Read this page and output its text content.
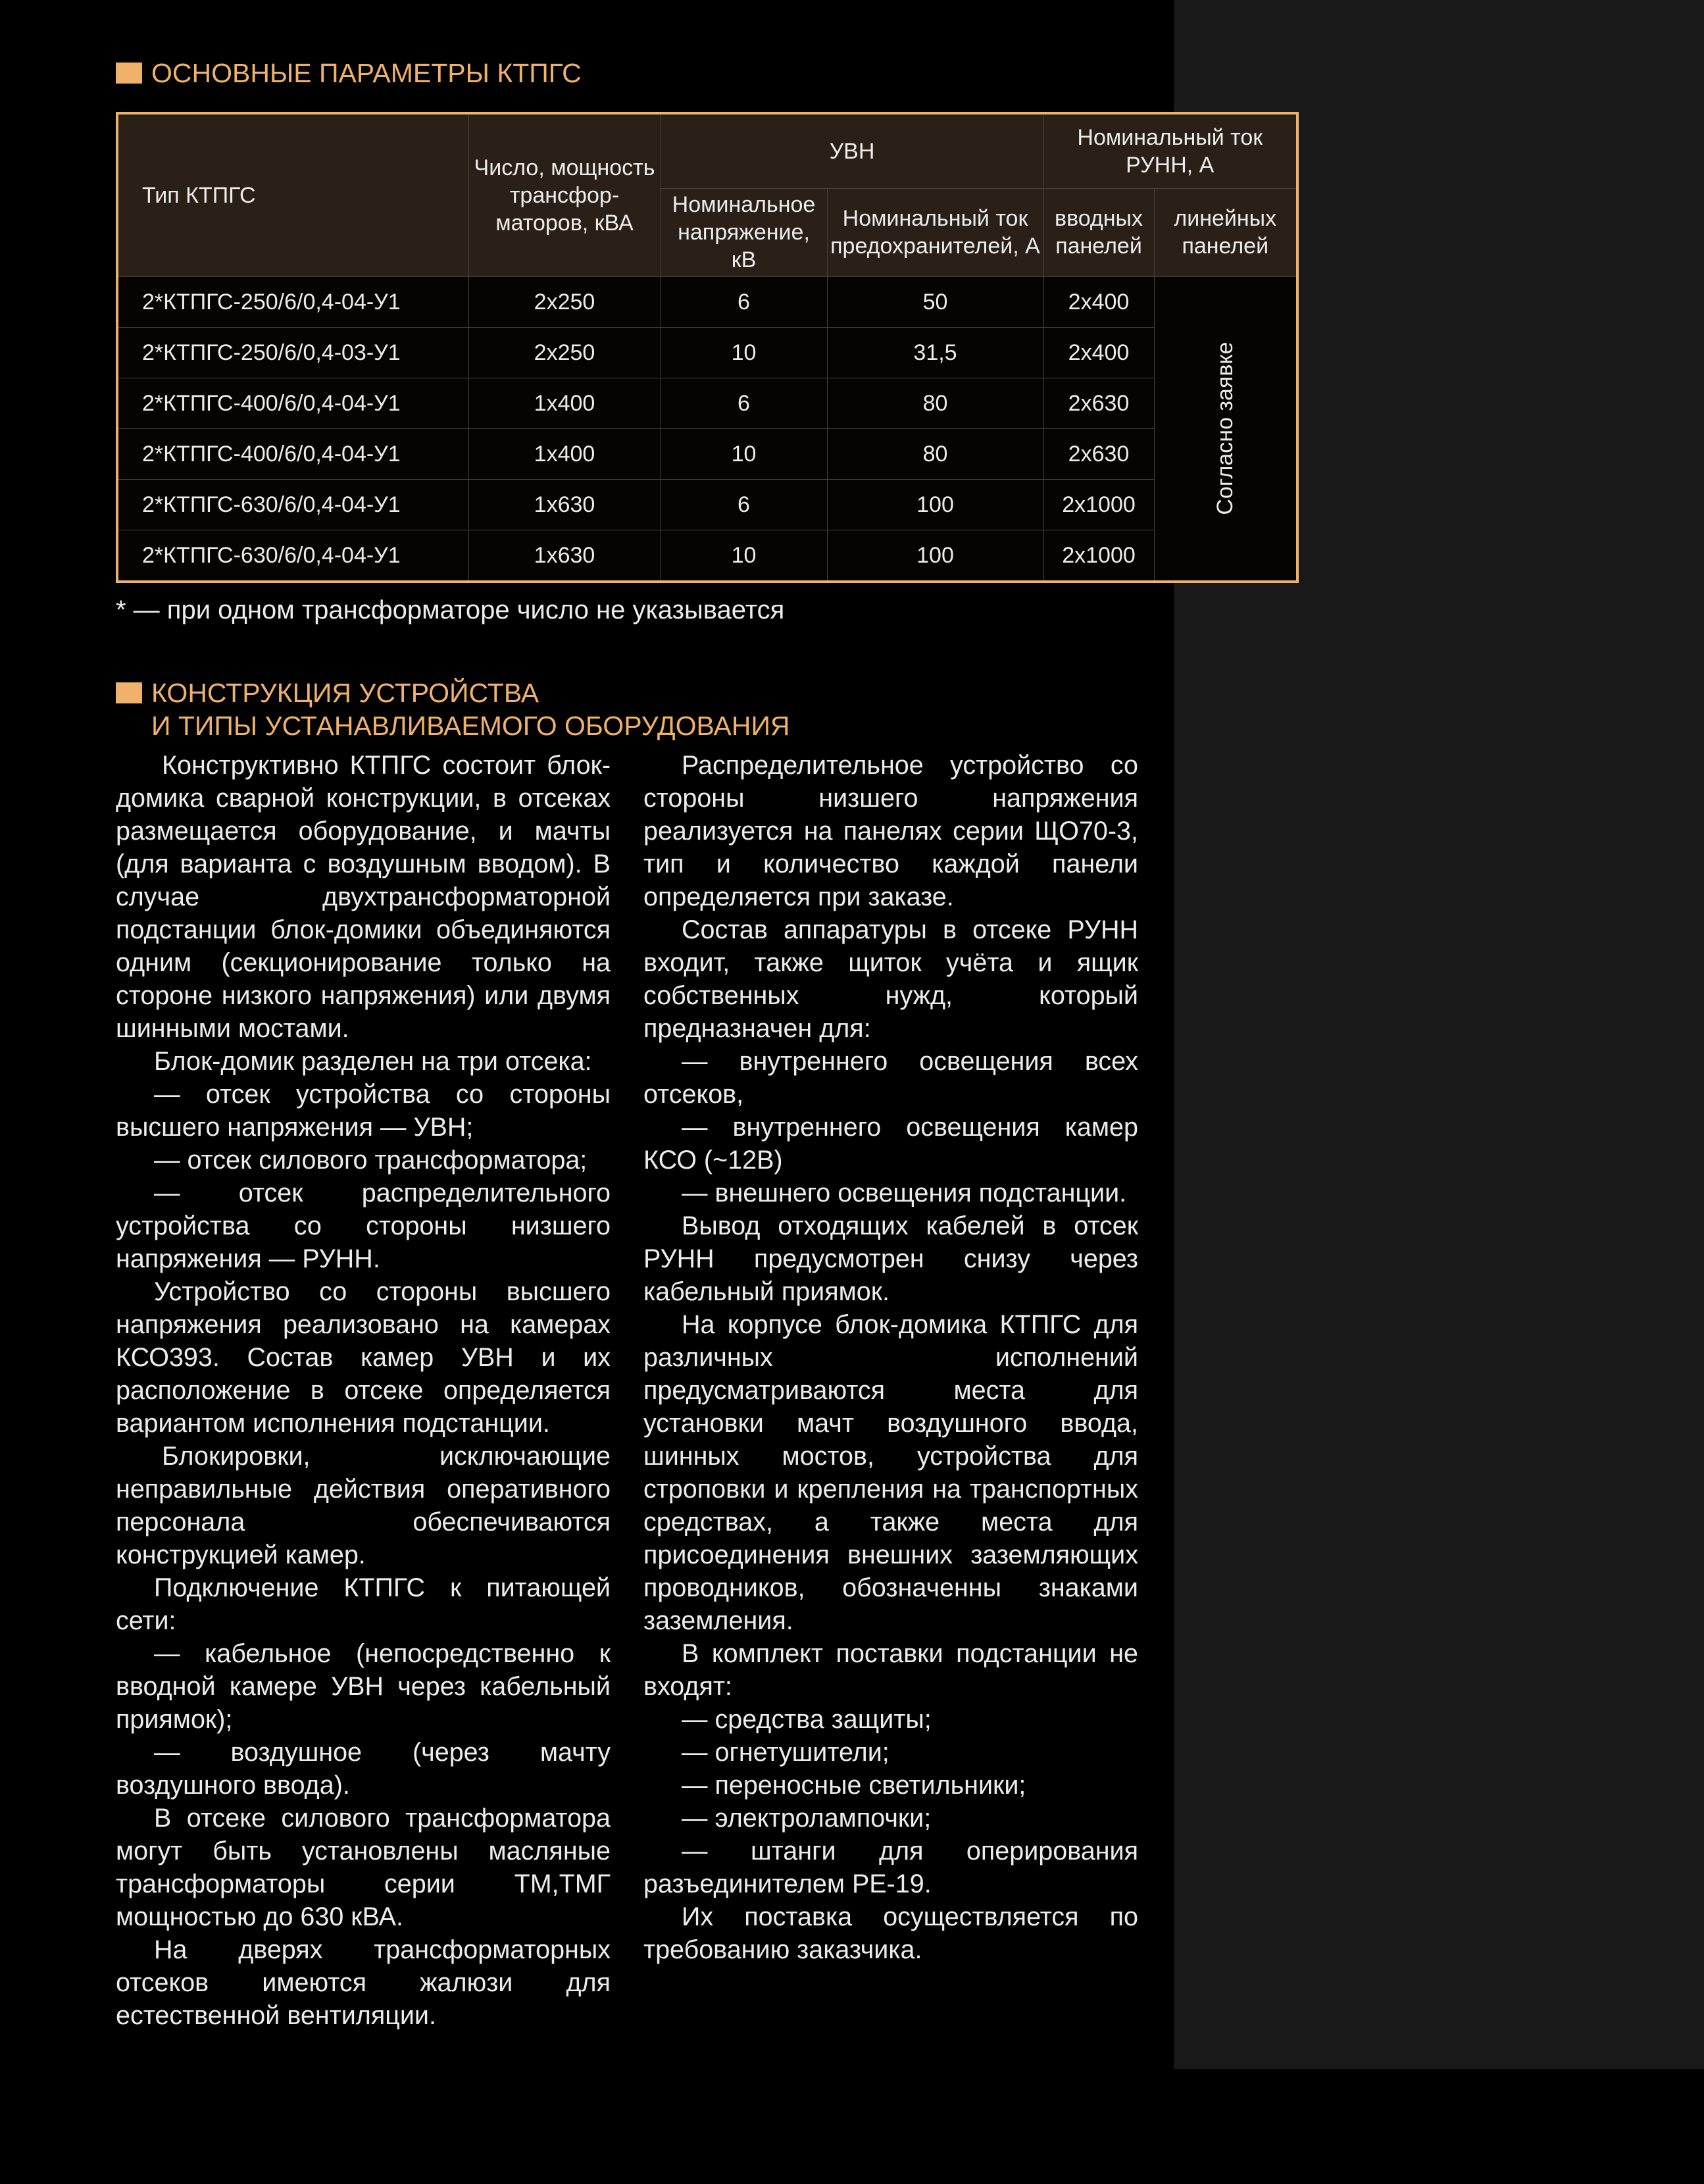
ОСНОВНЫЕ ПАРАМЕТРЫ КТПГС
Тип КТПГС	Число, мощность трансфор-маторов, кВА	УВН		Номинальный ток РУНН, А	
		Номинальное напряжение, кВ	Номинальный ток предохранителей, А	вводных панелей	линейных панелей
2*КТПГС-250/6/0,4-04-У1	2х250	6	50	2х400	Согласно заявке

2*КТПГС-250/6/0,4-03-У1	2х250	10	31,5	2х400	
2*КТПГС-400/6/0,4-04-У1	1х400	6	80	2х630	
2*КТПГС-400/6/0,4-04-У1	1х400	10	80	2х630	
2*КТПГС-630/6/0,4-04-У1	1х630	6	100	2х1000	
2*КТПГС-630/6/0,4-04-У1	1х630	10	100	2х1000	
* — при одном трансформаторе число не указывается
КОНСТРУКЦИЯ УСТРОЙСТВА
И ТИПЫ УСТАНАВЛИВАЕМОГО ОБОРУДОВАНИЯ

Конструктивно КТПГС состоит блок-домика сварной конструкции, в отсеках размещается оборудование, и мачты (для варианта с воздушным вводом). В случае двухтрансформаторной подстанции блок-домики объединяются одним (секционирование только на стороне низкого напряжения) или двумя шинными мостами.

Блок-домик разделен на три отсека:

— отсек устройства со стороны высшего напряжения — УВН;

— отсек силового трансформатора;

— отсек распределительного устройства со стороны низшего напряжения — РУНН.

Устройство со стороны высшего напряжения реализовано на камерах КСО393. Состав камер УВН и их расположение в отсеке определяется вариантом исполнения подстанции.

Блокировки, исключающие неправильные действия оперативного персонала обеспечиваются конструкцией камер.

Подключение КТПГС к питающей сети:

— кабельное (непосредственно к вводной камере УВН через кабельный приямок);

— воздушное (через мачту воздушного ввода).

В отсеке силового трансформатора могут быть установлены масляные трансформаторы серии ТМ,ТМГ мощностью до 630 кВА.

На дверях трансформаторных отсеков имеются жалюзи для естественной вентиляции.

Распределительное устройство со стороны низшего напряжения реализуется на панелях серии ЩО70-3, тип и количество каждой панели определяется при заказе.

Состав аппаратуры в отсеке РУНН входит, также щиток учёта и ящик собственных нужд, который предназначен для:

— внутреннего освещения всех отсеков,

— внутреннего освещения камер КСО (~12В)

— внешнего освещения подстанции.

Вывод отходящих кабелей в отсек РУНН предусмотрен снизу через кабельный приямок.

На корпусе блок-домика КТПГС для различных исполнений предусматриваются места для установки мачт воздушного ввода, шинных мостов, устройства для строповки и крепления на транспортных средствах, а также места для присоединения внешних заземляющих проводников, обозначенны знаками заземления.

В комплект поставки подстанции не входят:

— средства защиты;

— огнетушители;

— переносные светильники;

— электролампочки;

— штанги для оперирования разъединителем РЕ-19.

Их поставка осуществляется по требованию заказчика.
